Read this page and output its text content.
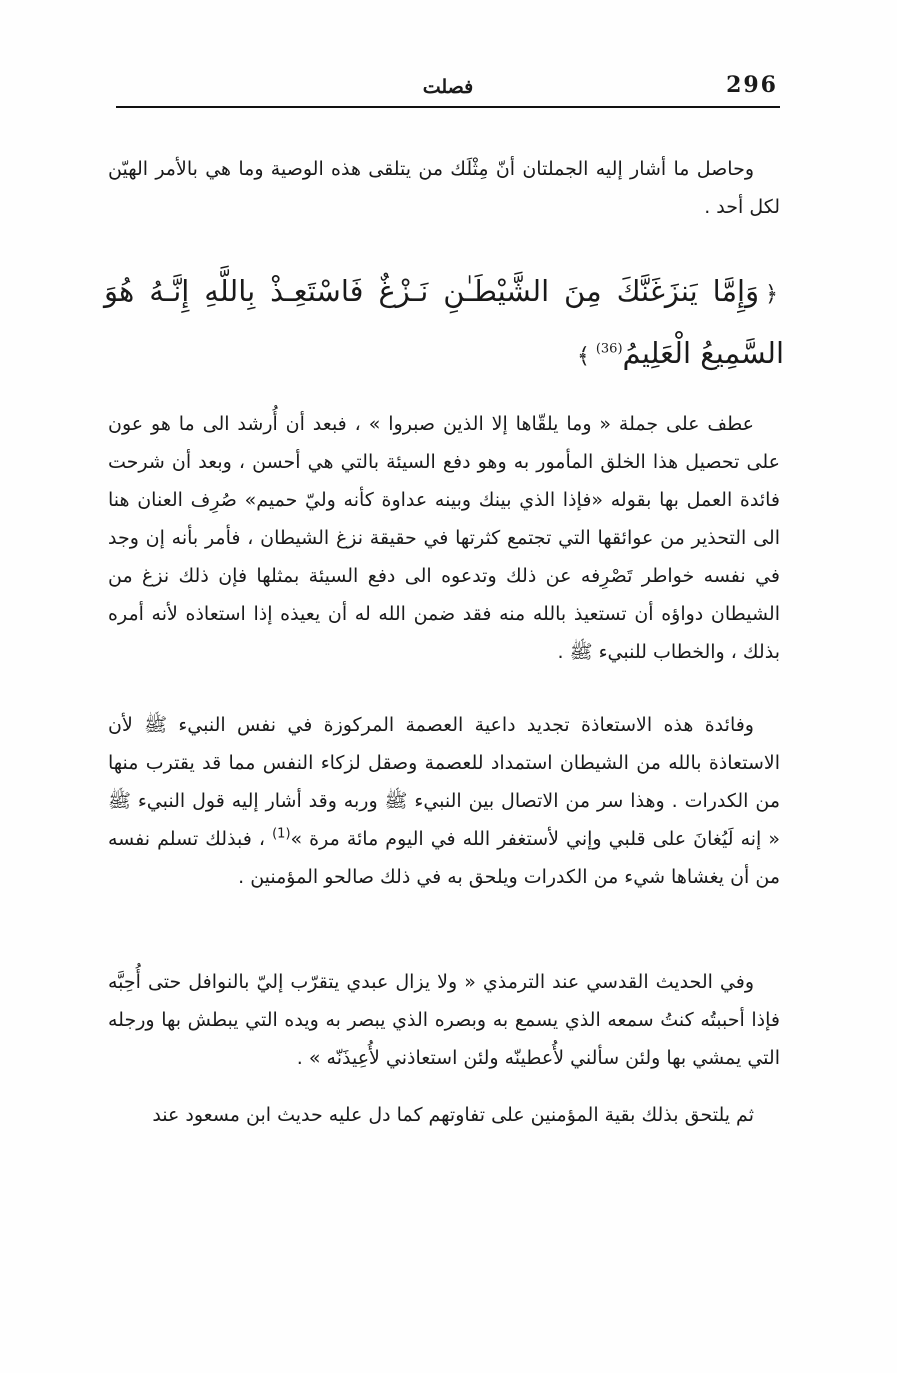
296
فصلت

وحاصل ما أشار إليه الجملتان أنّ مِثْلَك من يتلقى هذه الوصية وما هي بالأمر الهيّن لكل أحد .

﴿وَإِمَّا يَنزَغَنَّكَ مِنَ الشَّيْطَـٰنِ نَـزْغٌ فَاسْتَعِـذْ بِاللَّهِ إِنَّـهُ هُوَ السَّمِيعُ الْعَلِيمُ$^{(36)}$﴾

عطف على جملة « وما يلقّاها إلا الذين صبروا » ، فبعد أن أُرشد الى ما هو عون على تحصيل هذا الخلق المأمور به وهو دفع السيئة بالتي هي أحسن ، وبعد أن شرحت فائدة العمل بها بقوله «فإذا الذي بينك وبينه عداوة كأنه وليّ حميم» صُرِف العنان هنا الى التحذير من عوائقها التي تجتمع كثرتها في حقيقة نزغ الشيطان ، فأمر بأنه إن وجد في نفسه خواطر تَصْرِفه عن ذلك وتدعوه الى دفع السيئة بمثلها فإن ذلك نزغ من الشيطان دواؤه أن تستعيذ بالله منه فقد ضمن الله له أن يعيذه إذا استعاذه لأنه أمره بذلك ، والخطاب للنبيء ﷺ .

وفائدة هذه الاستعاذة تجديد داعية العصمة المركوزة في نفس النبيء ﷺ لأن الاستعاذة بالله من الشيطان استمداد للعصمة وصقل لزكاء النفس مما قد يقترب منها من الكدرات . وهذا سر من الاتصال بين النبيء ﷺ وربه وقد أشار إليه قول النبيء ﷺ « إنه لَيُغانَ على قلبي وإني لأستغفر الله في اليوم مائة مرة »$^{(1)}$ ، فبذلك تسلم نفسه من أن يغشاها شيء من الكدرات ويلحق به في ذلك صالحو المؤمنين .

وفي الحديث القدسي عند الترمذي « ولا يزال عبدي يتقرّب إليّ بالنوافل حتى أُحِبَّه فإذا أحببتُه كنتُ سمعه الذي يسمع به وبصره الذي يبصر به ويده التي يبطش بها ورجله التي يمشي بها ولئن سألني لأُعطينّه ولئن استعاذني لأُعِيذَنّه » .

ثم يلتحق بذلك بقية المؤمنين على تفاوتهم كما دل عليه حديث ابن مسعود عند
